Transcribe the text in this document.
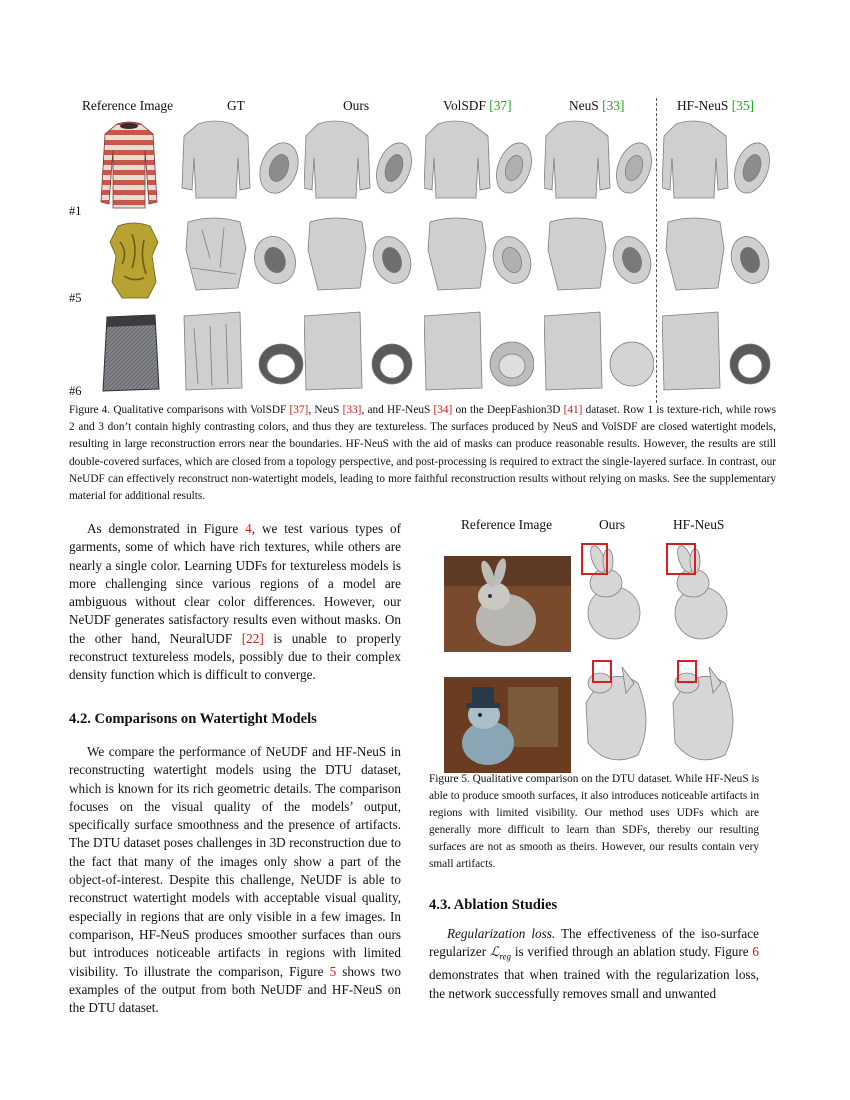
Reference Image	GT	Ours	VolSDF [37]	NeuS [33]	HF-NeuS [35]
#1
#5
#6
Figure 4. Qualitative comparisons with VolSDF [37], NeuS [33], and HF-NeuS [34] on the DeepFashion3D [41] dataset. Row 1 is texture-rich, while rows 2 and 3 don’t contain highly contrasting colors, and thus they are textureless. The surfaces produced by NeuS and VolSDF are closed watertight models, resulting in large reconstruction errors near the boundaries. HF-NeuS with the aid of masks can produce reasonable results. However, the results are still double-covered surfaces, which are closed from a topology perspective, and post-processing is required to extract the single-layered surface. In contrast, our NeUDF can effectively reconstruct non-watertight models, leading to more faithful reconstruction results without relying on masks. See the supplementary material for additional results.

As demonstrated in Figure 4, we test various types of garments, some of which have rich textures, while others are nearly a single color. Learning UDFs for textureless models is more challenging since various regions of a model are ambiguous without clear color differences. However, our NeUDF generates satisfactory results even without masks. On the other hand, NeuralUDF [22] is unable to properly reconstruct textureless models, possibly due to their complex density function which is difficult to converge.

4.2. Comparisons on Watertight Models

We compare the performance of NeUDF and HF-NeuS in reconstructing watertight models using the DTU dataset, which is known for its rich geometric details. The comparison focuses on the visual quality of the models’ output, specifically surface smoothness and the presence of artifacts. The DTU dataset poses challenges in 3D reconstruction due to the fact that many of the images only show a part of the object-of-interest. Despite this challenge, NeUDF is able to reconstruct watertight models with acceptable visual quality, especially in regions that are only visible in a few images. In comparison, HF-NeuS produces smoother surfaces than ours but introduces noticeable artifacts in regions with limited visibility. To illustrate the comparison, Figure 5 shows two examples of the output from both NeUDF and HF-NeuS on the DTU dataset.

Reference Image	Ours	HF-NeuS
Figure 5. Qualitative comparison on the DTU dataset. While HF-NeuS is able to produce smooth surfaces, it also introduces noticeable artifacts in regions with limited visibility. Our method uses UDFs which are generally more difficult to learn than SDFs, thereby our resulting surfaces are not as smooth as theirs. However, our results contain very small artifacts.
4.3. Ablation Studies

Regularization loss. The effectiveness of the iso-surface regularizer ℒ$_{reg}$ is verified through an ablation study. Figure 6 demonstrates that when trained with the regularization loss, the network successfully removes small and unwanted
